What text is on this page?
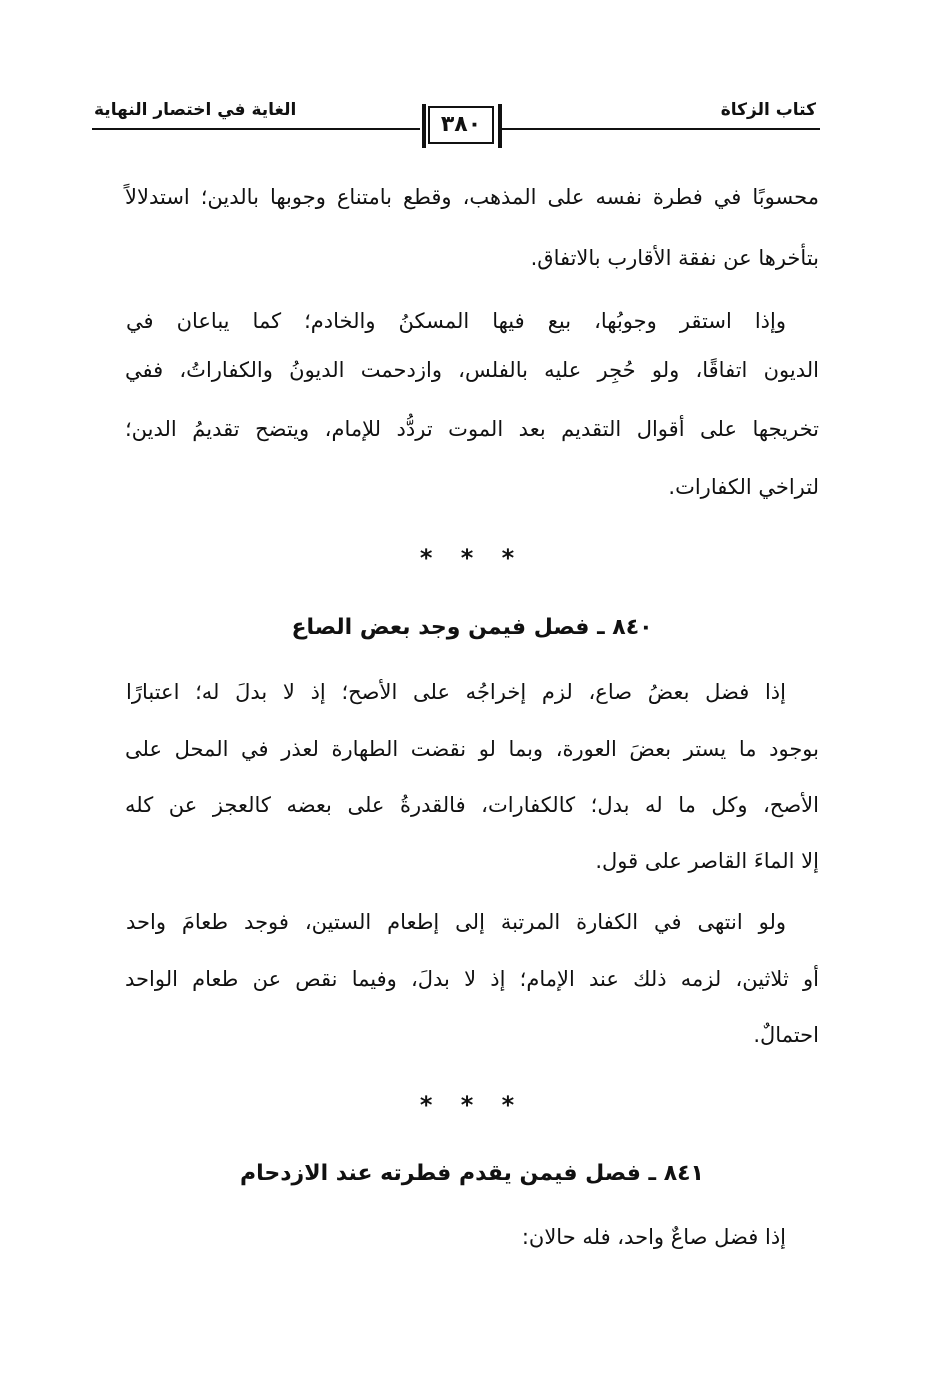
كتاب الزكاة
الغاية في اختصار النهاية
٣٨٠
محسوبًا في فطرة نفسه على المذهب، وقطع بامتناع وجوبها بالدين؛ استدلالاً
بتأخرها عن نفقة الأقارب بالاتفاق.
وإذا استقر وجوبُها، بيع فيها المسكنُ والخادم؛ كما يباعان في
الديون اتفاقًا، ولو حُجِر عليه بالفلس، وازدحمت الديونُ والكفاراتُ، ففي
تخريجها على أقوال التقديم بعد الموت تردُّد للإمام، ويتضح تقديمُ الدين؛
لتراخي الكفارات.
* * *
٨٤٠ ـ فصل فيمن وجد بعض الصاع
إذا فضل بعضُ صاع، لزم إخراجُه على الأصح؛ إذ لا بدلَ له؛ اعتبارًا
بوجود ما يستر بعضَ العورة، وبما لو نقضت الطهارة لعذر في المحل على
الأصح، وكل ما له بدل؛ كالكفارات، فالقدرةُ على بعضه كالعجز عن كله
إلا الماءَ القاصر على قول.
ولو انتهى في الكفارة المرتبة إلى إطعام الستين، فوجد طعامَ واحد
أو ثلاثين، لزمه ذلك عند الإمام؛ إذ لا بدلَ، وفيما نقص عن طعام الواحد
احتمالٌ.
* * *
٨٤١ ـ فصل فيمن يقدم فطرته عند الازدحام
إذا فضل صاعٌ واحد، فله حالان:
